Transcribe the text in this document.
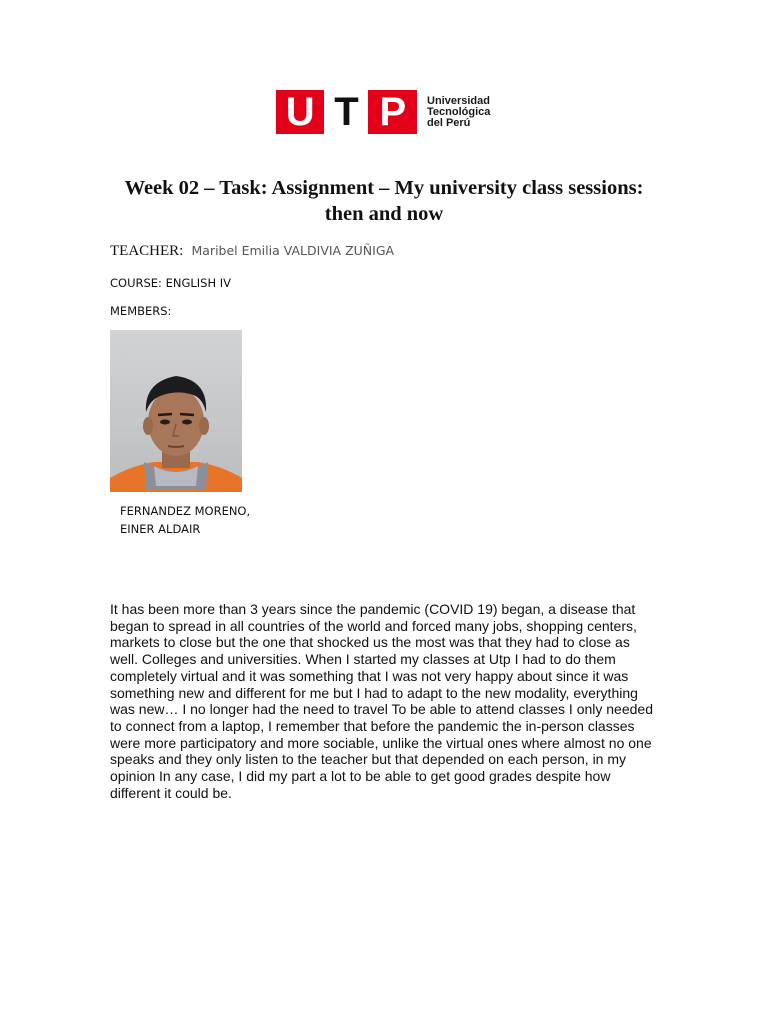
U T P	Universidad
Tecnológica
del Perú
Week 02 – Task: Assignment – My university class sessions: then and now
TEACHER: Maribel Emilia VALDIVIA ZUÑIGA
COURSE: ENGLISH IV
MEMBERS:
FERNANDEZ MORENO,
EINER ALDAIR
It has been more than 3 years since the pandemic (COVID 19) began, a disease that began to spread in all countries of the world and forced many jobs, shopping centers, markets to close but the one that shocked us the most was that they had to close as well. Colleges and universities. When I started my classes at Utp I had to do them completely virtual and it was something that I was not very happy about since it was something new and different for me but I had to adapt to the new modality, everything was new… I no longer had the need to travel To be able to attend classes I only needed to connect from a laptop, I remember that before the pandemic the in-person classes were more participatory and more sociable, unlike the virtual ones where almost no one speaks and they only listen to the teacher but that depended on each person, in my opinion In any case, I did my part a lot to be able to get good grades despite how different it could be.
